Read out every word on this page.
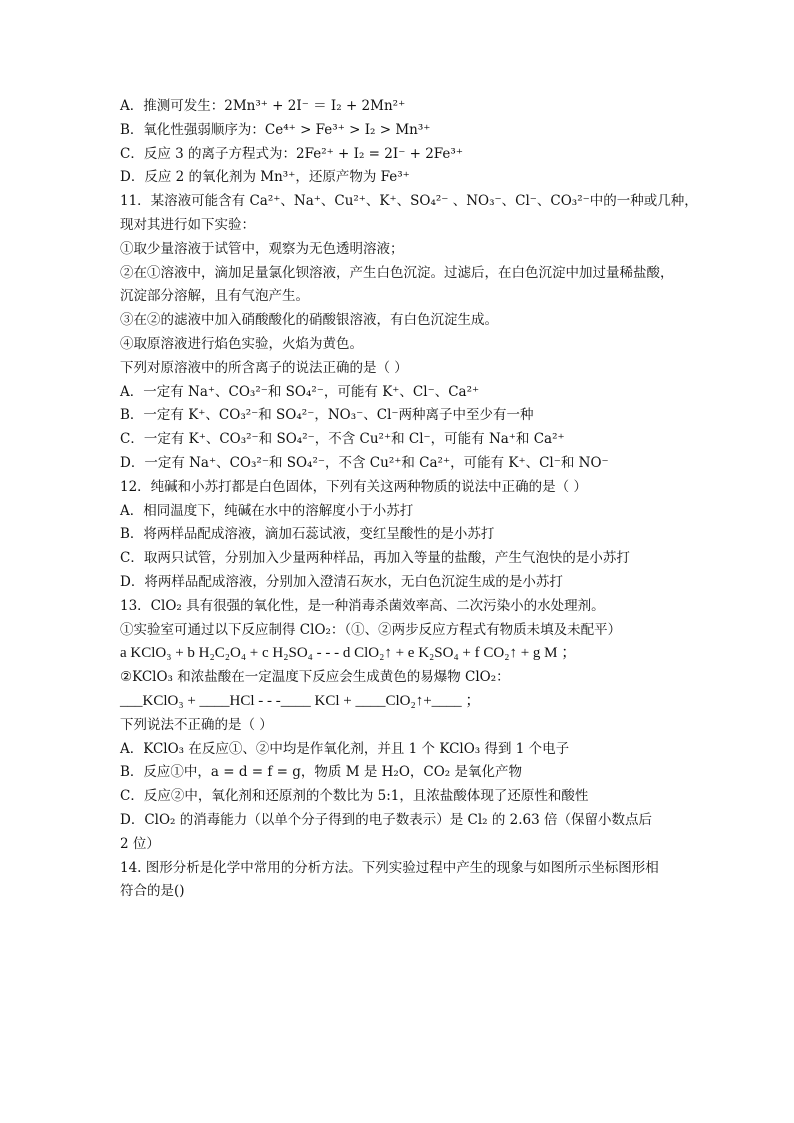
A．推测可发生：2Mn³⁺ + 2I⁻ ＝ I₂ + 2Mn²⁺
B．氧化性强弱顺序为：Ce⁴⁺ > Fe³⁺ > I₂ > Mn³⁺
C．反应 3 的离子方程式为：2Fe²⁺ + I₂ = 2I⁻ + 2Fe³⁺
D．反应 2 的氧化剂为 Mn³⁺，还原产物为 Fe³⁺
11．某溶液可能含有 Ca²⁺、Na⁺、Cu²⁺、K⁺、SO₄²⁻ 、NO₃⁻、Cl⁻、CO₃²⁻中的一种或几种，
现对其进行如下实验：
①取少量溶液于试管中，观察为无色透明溶液；
②在①溶液中，滴加足量氯化钡溶液，产生白色沉淀。过滤后，在白色沉淀中加过量稀盐酸，
沉淀部分溶解，且有气泡产生。
③在②的滤液中加入硝酸酸化的硝酸银溶液，有白色沉淀生成。
④取原溶液进行焰色实验，火焰为黄色。
下列对原溶液中的所含离子的说法正确的是（ ）
A．一定有 Na⁺、CO₃²⁻和 SO₄²⁻，可能有 K⁺、Cl⁻、Ca²⁺
B．一定有 K⁺、CO₃²⁻和 SO₄²⁻，NO₃⁻、Cl⁻两种离子中至少有一种
C．一定有 K⁺、CO₃²⁻和 SO₄²⁻，不含 Cu²⁺和 Cl⁻，可能有 Na⁺和 Ca²⁺
D．一定有 Na⁺、CO₃²⁻和 SO₄²⁻，不含 Cu²⁺和 Ca²⁺，可能有 K⁺、Cl⁻和 NO⁻
12．纯碱和小苏打都是白色固体，下列有关这两种物质的说法中正确的是（ ）
A．相同温度下，纯碱在水中的溶解度小于小苏打
B．将两样品配成溶液，滴加石蕊试液，变红呈酸性的是小苏打
C．取两只试管，分别加入少量两种样品，再加入等量的盐酸，产生气泡快的是小苏打
D．将两样品配成溶液，分别加入澄清石灰水，无白色沉淀生成的是小苏打
13．ClO₂ 具有很强的氧化性，是一种消毒杀菌效率高、二次污染小的水处理剂。
①实验室可通过以下反应制得 ClO₂：（①、②两步反应方程式有物质未填及未配平）
a KClO₃ + b H₂C₂O₄ + c H₂SO₄ - - - d ClO₂↑ + e K₂SO₄ + f CO₂↑ + g M ；
②KClO₃ 和浓盐酸在一定温度下反应会生成黄色的易爆物 ClO₂：
___KClO₃ + ____HCl - - -____ KCl + ____ClO₂↑+____ ；
下列说法不正确的是（ ）
A．KClO₃ 在反应①、②中均是作氧化剂，并且 1 个 KClO₃ 得到 1 个电子
B．反应①中，a = d = f = g，物质 M 是 H₂O，CO₂ 是氧化产物
C．反应②中，氧化剂和还原剂的个数比为 5:1，且浓盐酸体现了还原性和酸性
D．ClO₂ 的消毒能力（以单个分子得到的电子数表示）是 Cl₂ 的 2.63 倍（保留小数点后
2 位）
14. 图形分析是化学中常用的分析方法。下列实验过程中产生的现象与如图所示坐标图形相
符合的是()
